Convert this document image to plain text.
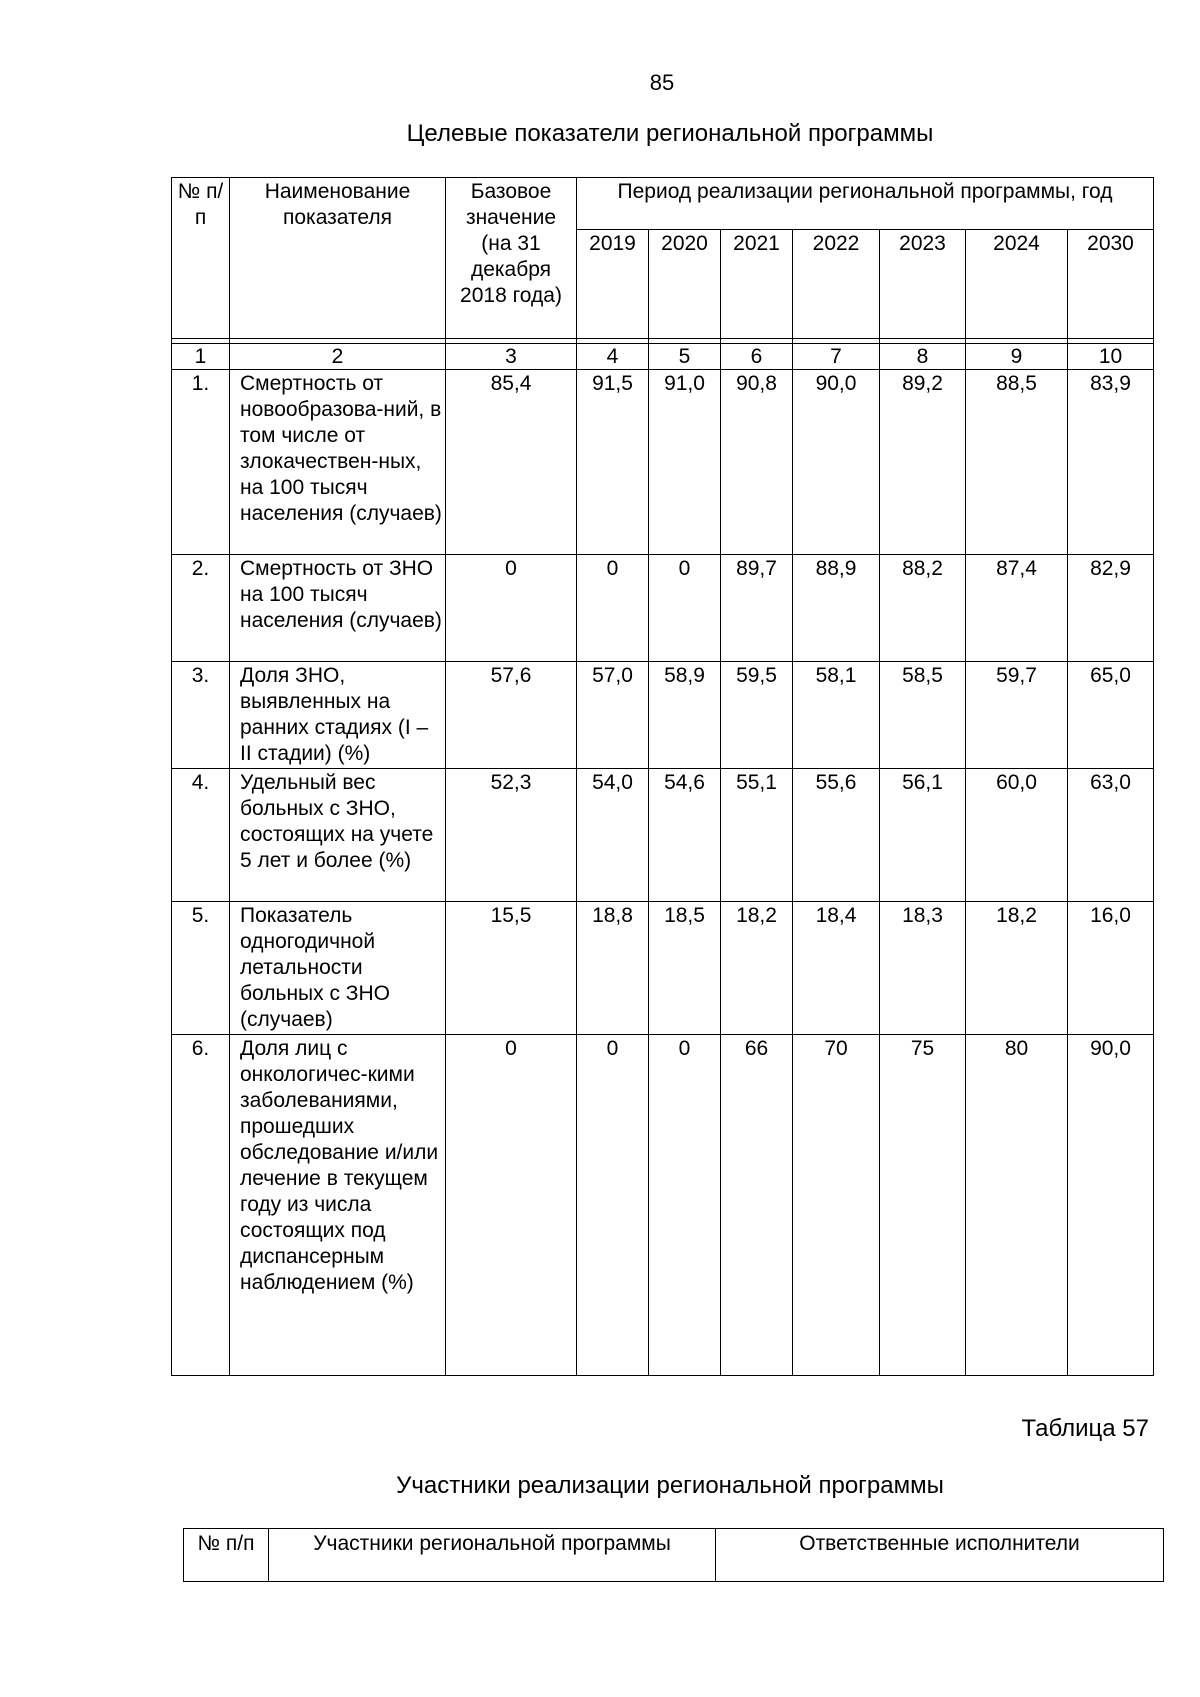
85
Целевые показатели региональной программы
№ п/п	Наименование показателя	Базовое значение (на 31 декабря 2018 года)	Период реализации региональной программы, год						
			2019	2020	2021	2022	2023	2024	2030

1	2	3	4	5	6	7	8	9	10
1.	Смертность от новообразова-ний, в том числе от злокачествен-ных, на 100 тысяч населения (случаев)	85,4	91,5	91,0	90,8	90,0	89,2	88,5	83,9
2.	Смертность от ЗНО на 100 тысяч населения (случаев)	0	0	0	89,7	88,9	88,2	87,4	82,9
3.	Доля ЗНО, выявленных на ранних стадиях (I – II стадии) (%)	57,6	57,0	58,9	59,5	58,1	58,5	59,7	65,0
4.	Удельный вес больных с ЗНО, состоящих на учете 5 лет и более (%)	52,3	54,0	54,6	55,1	55,6	56,1	60,0	63,0
5.	Показатель одногодичной летальности больных с ЗНО (случаев)	15,5	18,8	18,5	18,2	18,4	18,3	18,2	16,0
6.	Доля лиц с онкологичес-кими заболеваниями, прошедших обследование и/или лечение в текущем году из числа состоящих под диспансерным наблюдением (%)	0	0	0	66	70	75	80	90,0
Таблица 57
Участники реализации региональной программы
№ п/п	Участники региональной программы	Ответственные исполнители
